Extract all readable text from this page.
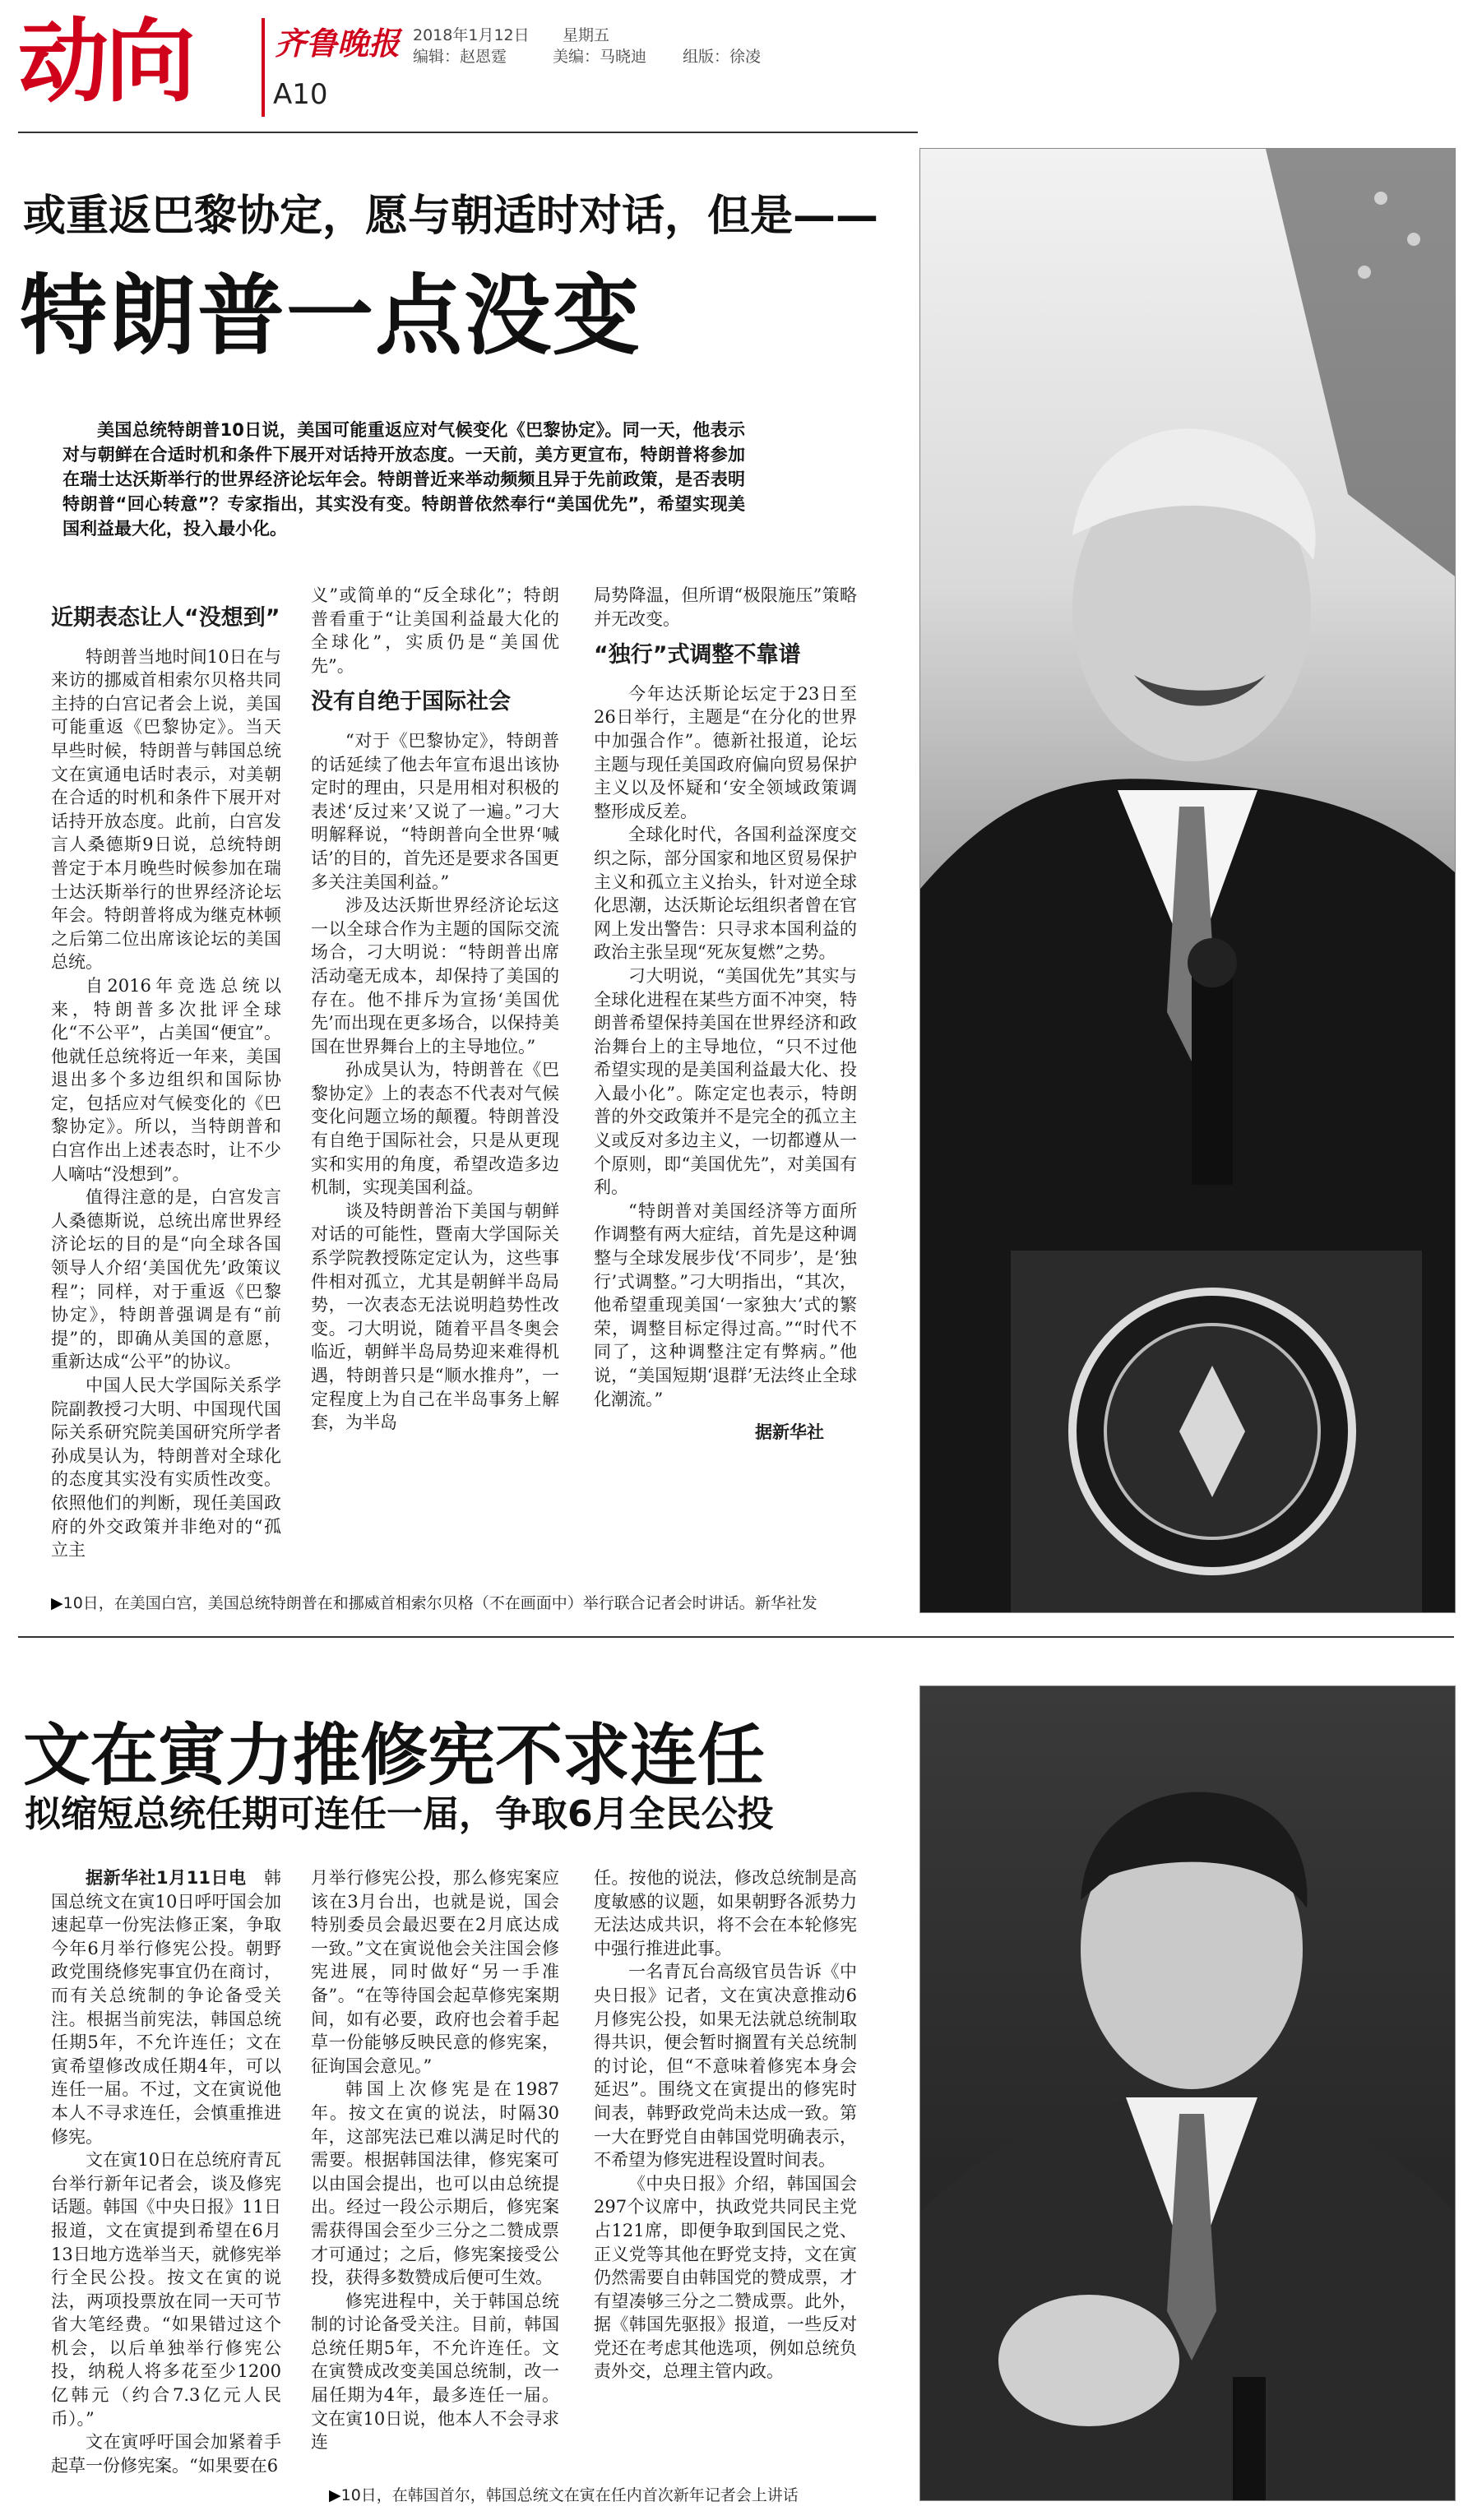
动向	齐鲁晚报
A10
2018年1月12日 星期五
编辑：赵恩霆	美编：马晓迪 组版：徐凌
或重返巴黎协定，愿与朝适时对话，但是——
特朗普一点没变
美国总统特朗普10日说，美国可能重返应对气候变化《巴黎协定》。同一天，他表示对与朝鲜在合适时机和条件下展开对话持开放态度。一天前，美方更宣布，特朗普将参加在瑞士达沃斯举行的世界经济论坛年会。特朗普近来举动频频且异于先前政策，是否表明特朗普“回心转意”？专家指出，其实没有变。特朗普依然奉行“美国优先”，希望实现美国利益最大化，投入最小化。
近期表态让人“没想到”

特朗普当地时间10日在与来访的挪威首相索尔贝格共同主持的白宫记者会上说，美国可能重返《巴黎协定》。当天早些时候，特朗普与韩国总统文在寅通电话时表示，对美朝在合适的时机和条件下展开对话持开放态度。此前，白宫发言人桑德斯9日说，总统特朗普定于本月晚些时候参加在瑞士达沃斯举行的世界经济论坛年会。特朗普将成为继克林顿之后第二位出席该论坛的美国总统。

自2016年竞选总统以来，特朗普多次批评全球化“不公平”，占美国“便宜”。他就任总统将近一年来，美国退出多个多边组织和国际协定，包括应对气候变化的《巴黎协定》。所以，当特朗普和白宫作出上述表态时，让不少人嘀咕“没想到”。

值得注意的是，白宫发言人桑德斯说，总统出席世界经济论坛的目的是“向全球各国领导人介绍‘美国优先’政策议程”；同样，对于重返《巴黎协定》，特朗普强调是有“前提”的，即确从美国的意愿，重新达成“公平”的协议。

中国人民大学国际关系学院副教授刁大明、中国现代国际关系研究院美国研究所学者孙成昊认为，特朗普对全球化的态度其实没有实质性改变。依照他们的判断，现任美国政府的外交政策并非绝对的“孤立主

义”或简单的“反全球化”；特朗普看重于“让美国利益最大化的全球化”，实质仍是“美国优先”。

没有自绝于国际社会

“对于《巴黎协定》，特朗普的话延续了他去年宣布退出该协定时的理由，只是用相对积极的表述‘反过来’又说了一遍。”刁大明解释说，“特朗普向全世界‘喊话’的目的，首先还是要求各国更多关注美国利益。”

涉及达沃斯世界经济论坛这一以全球合作为主题的国际交流场合，刁大明说：“特朗普出席活动毫无成本，却保持了美国的存在。他不排斥为宣扬‘美国优先’而出现在更多场合，以保持美国在世界舞台上的主导地位。”

孙成昊认为，特朗普在《巴黎协定》上的表态不代表对气候变化问题立场的颠覆。特朗普没有自绝于国际社会，只是从更现实和实用的角度，希望改造多边机制，实现美国利益。

谈及特朗普治下美国与朝鲜对话的可能性，暨南大学国际关系学院教授陈定定认为，这些事件相对孤立，尤其是朝鲜半岛局势，一次表态无法说明趋势性改变。刁大明说，随着平昌冬奥会临近，朝鲜半岛局势迎来难得机遇，特朗普只是“顺水推舟”，一定程度上为自己在半岛事务上解套，为半岛

局势降温，但所谓“极限施压”策略并无改变。

“独行”式调整不靠谱

今年达沃斯论坛定于23日至26日举行，主题是“在分化的世界中加强合作”。德新社报道，论坛主题与现任美国政府偏向贸易保护主义以及怀疑和‘安全领域政策调整形成反差。

全球化时代，各国利益深度交织之际，部分国家和地区贸易保护主义和孤立主义抬头，针对逆全球化思潮，达沃斯论坛组织者曾在官网上发出警告：只寻求本国利益的政治主张呈现“死灰复燃”之势。

刁大明说，“美国优先”其实与全球化进程在某些方面不冲突，特朗普希望保持美国在世界经济和政治舞台上的主导地位，“只不过他希望实现的是美国利益最大化、投入最小化”。陈定定也表示，特朗普的外交政策并不是完全的孤立主义或反对多边主义，一切都遵从一个原则，即“美国优先”，对美国有利。

“特朗普对美国经济等方面所作调整有两大症结，首先是这种调整与全球发展步伐‘不同步’，是‘独行’式调整。”刁大明指出，“其次，他希望重现美国‘一家独大’式的繁荣，调整目标定得过高。”“时代不同了，这种调整注定有弊病。”他说，“美国短期‘退群’无法终止全球化潮流。”

据新华社
▶10日，在美国白宫，美国总统特朗普在和挪威首相索尔贝格（不在画面中）举行联合记者会时讲话。新华社发
文在寅力推修宪不求连任
拟缩短总统任期可连任一届，争取6月全民公投

据新华社1月11日电　 韩国总统文在寅10日呼吁国会加速起草一份宪法修正案，争取今年6月举行修宪公投。朝野政党围绕修宪事宜仍在商讨，而有关总统制的争论备受关注。根据当前宪法，韩国总统任期5年，不允许连任；文在寅希望修改成任期4年，可以连任一届。不过，文在寅说他本人不寻求连任，会慎重推进修宪。

文在寅10日在总统府青瓦台举行新年记者会，谈及修宪话题。韩国《中央日报》11日报道，文在寅提到希望在6月13日地方选举当天，就修宪举行全民公投。按文在寅的说法，两项投票放在同一天可节省大笔经费。“如果错过这个机会，以后单独举行修宪公投，纳税人将多花至少1200亿韩元（约合7.3亿元人民币）。”

文在寅呼吁国会加紧着手起草一份修宪案。“如果要在6

月举行修宪公投，那么修宪案应该在3月台出，也就是说，国会特别委员会最迟要在2月底达成一致。”文在寅说他会关注国会修宪进展，同时做好“另一手准备”。“在等待国会起草修宪案期间，如有必要，政府也会着手起草一份能够反映民意的修宪案，征询国会意见。”

韩国上次修宪是在1987年。按文在寅的说法，时隔30年，这部宪法已难以满足时代的需要。根据韩国法律，修宪案可以由国会提出，也可以由总统提出。经过一段公示期后，修宪案需获得国会至少三分之二赞成票才可通过；之后，修宪案接受公投，获得多数赞成后便可生效。

修宪进程中，关于韩国总统制的讨论备受关注。目前，韩国总统任期5年，不允许连任。文在寅赞成改变美国总统制，改一届任期为4年，最多连任一届。文在寅10日说，他本人不会寻求连

任。按他的说法，修改总统制是高度敏感的议题，如果朝野各派势力无法达成共识，将不会在本轮修宪中强行推进此事。

一名青瓦台高级官员告诉《中央日报》记者，文在寅决意推动6月修宪公投，如果无法就总统制取得共识，便会暂时搁置有关总统制的讨论，但“不意味着修宪本身会延迟”。围绕文在寅提出的修宪时间表，韩野政党尚未达成一致。第一大在野党自由韩国党明确表示，不希望为修宪进程设置时间表。

《中央日报》介绍，韩国国会297个议席中，执政党共同民主党占121席，即便争取到国民之党、正义党等其他在野党支持，文在寅仍然需要自由韩国党的赞成票，才有望凑够三分之二赞成票。此外，据《韩国先驱报》报道，一些反对党还在考虑其他选项，例如总统负责外交，总理主管内政。

▶10日，在韩国首尔，韩国总统文在寅在任内首次新年记者会上讲话
